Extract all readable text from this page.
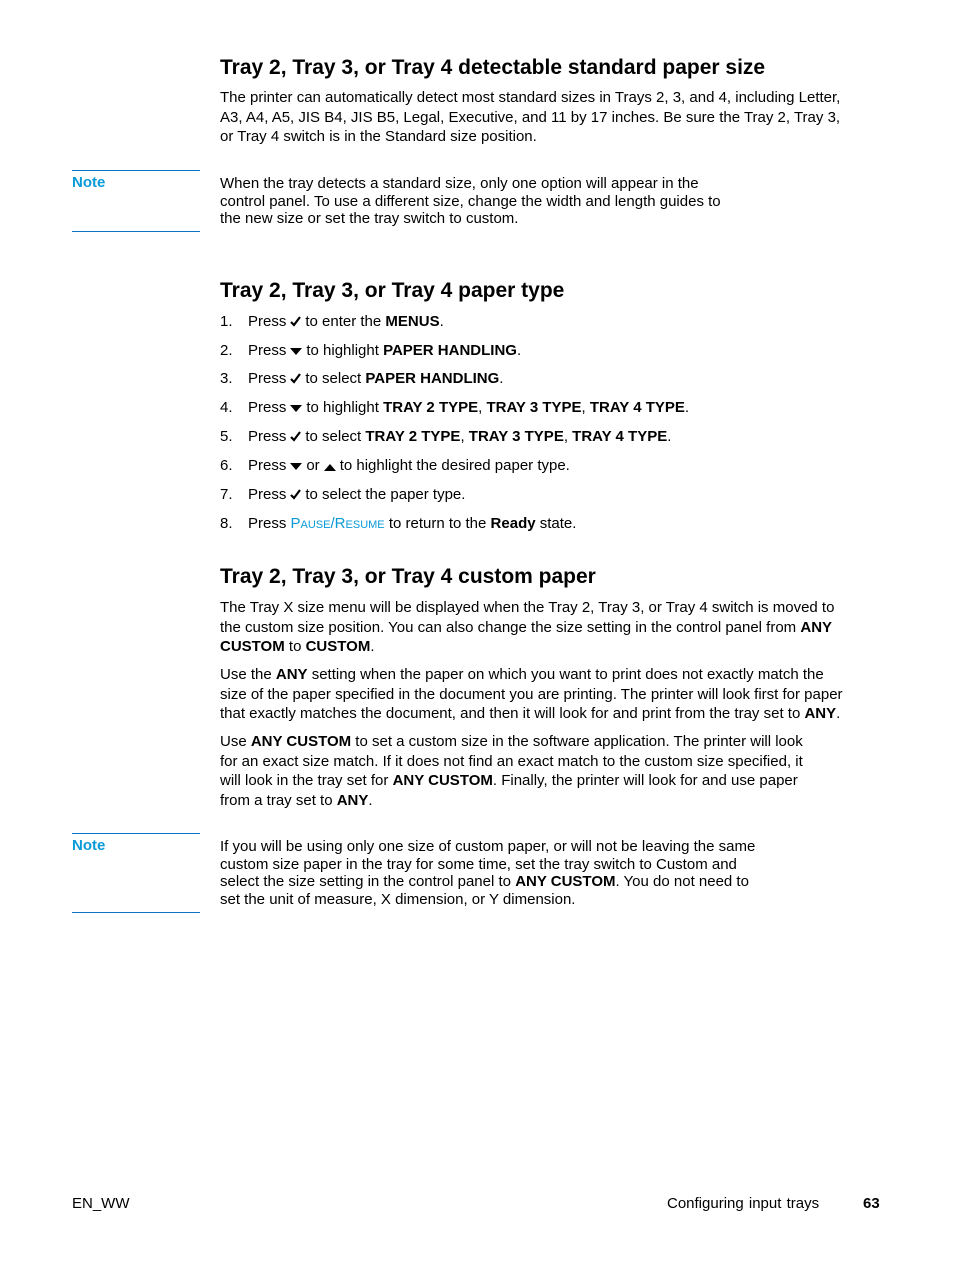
Tray 2, Tray 3, or Tray 4 detectable standard paper size
The printer can automatically detect most standard sizes in Trays 2, 3, and 4, including Letter,
A3, A4, A5, JIS B4, JIS B5, Legal, Executive, and 11 by 17 inches. Be sure the Tray 2, Tray 3,
or Tray 4 switch is in the Standard size position.
Note	When the tray detects a standard size, only one option will appear in the
control panel. To use a different size, change the width and length guides to
the new size or set the tray switch to custom.
Tray 2, Tray 3, or Tray 4 paper type
1. Press to enter the MENUS.
2. Press to highlight PAPER HANDLING.
3. Press to select PAPER HANDLING.
4. Press to highlight TRAY 2 TYPE, TRAY 3 TYPE, TRAY 4 TYPE.
5. Press to select TRAY 2 TYPE, TRAY 3 TYPE, TRAY 4 TYPE.
6. Press or to highlight the desired paper type.
7. Press to select the paper type.
8. Press PAUSE/RESUME to return to the Ready state.
Tray 2, Tray 3, or Tray 4 custom paper
The Tray X size menu will be displayed when the Tray 2, Tray 3, or Tray 4 switch is moved to
the custom size position. You can also change the size setting in the control panel from ANY
CUSTOM to CUSTOM.
Use the ANY setting when the paper on which you want to print does not exactly match the
size of the paper specified in the document you are printing. The printer will look first for paper
that exactly matches the document, and then it will look for and print from the tray set to ANY.
Use ANY CUSTOM to set a custom size in the software application. The printer will look
for an exact size match. If it does not find an exact match to the custom size specified, it
will look in the tray set for ANY CUSTOM. Finally, the printer will look for and use paper
from a tray set to ANY.
Note	If you will be using only one size of custom paper, or will not be leaving the same
custom size paper in the tray for some time, set the tray switch to Custom and
select the size setting in the control panel to ANY CUSTOM. You do not need to
set the unit of measure, X dimension, or Y dimension.
EN_WW	Configuring input trays	63
